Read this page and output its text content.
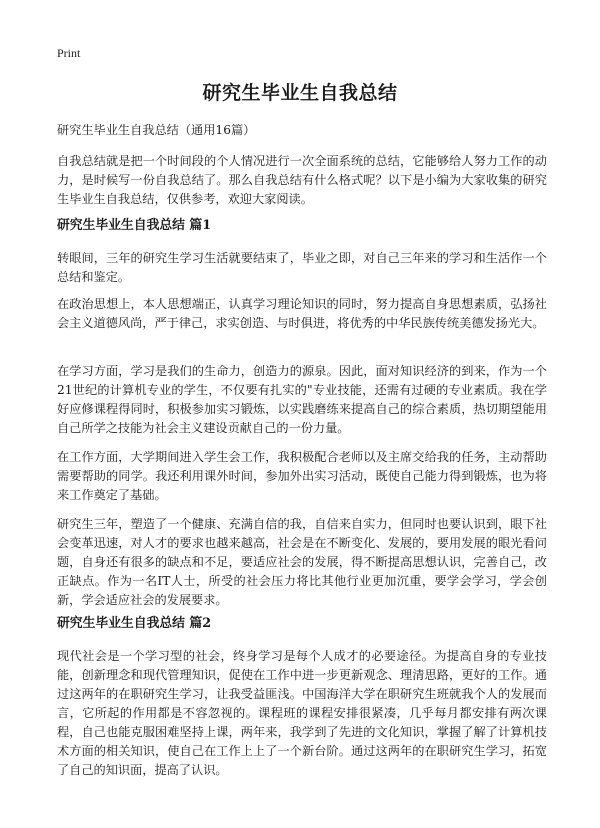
Print
研究生毕业生自我总结
研究生毕业生自我总结（通用16篇）

自我总结就是把一个时间段的个人情况进行一次全面系统的总结，它能够给人努力工作的动力，是时候写一份自我总结了。那么自我总结有什么格式呢？以下是小编为大家收集的研究生毕业生自我总结，仅供参考，欢迎大家阅读。

研究生毕业生自我总结 篇1

转眼间，三年的研究生学习生活就要结束了，毕业之即，对自己三年来的学习和生活作一个总结和鉴定。

在政治思想上，本人思想端正，认真学习理论知识的同时，努力提高自身思想素质，弘扬社会主义道德风尚，严于律己，求实创造、与时俱进，将优秀的中华民族传统美德发扬光大。

在学习方面，学习是我们的生命力，创造力的源泉。因此，面对知识经济的到来，作为一个21世纪的计算机专业的学生，不仅要有扎实的"专业技能，还需有过硬的专业素质。我在学好应修课程得同时，积极参加实习锻炼，以实践磨练来提高自己的综合素质，热切期望能用自己所学之技能为社会主义建设贡献自己的一份力量。

在工作方面，大学期间进入学生会工作，我积极配合老师以及主席交给我的任务，主动帮助需要帮助的同学。我还利用课外时间，参加外出实习活动，既使自己能力得到锻炼，也为将来工作奠定了基础。

研究生三年，塑造了一个健康、充满自信的我，自信来自实力，但同时也要认识到，眼下社会变革迅速，对人才的要求也越来越高，社会是在不断变化、发展的，要用发展的眼光看问题，自身还有很多的缺点和不足，要适应社会的发展，得不断提高思想认识，完善自己，改正缺点。作为一名IT人士，所受的社会压力将比其他行业更加沉重，要学会学习，学会创新，学会适应社会的发展要求。

研究生毕业生自我总结 篇2

现代社会是一个学习型的社会，终身学习是每个人成才的必要途径。为提高自身的专业技能，创新理念和现代管理知识，促使在工作中进一步更新观念、理清思路，更好的工作。通过这两年的在职研究生学习，让我受益匪浅。中国海洋大学在职研究生班就我个人的发展而言，它所起的作用都是不容忽视的。课程班的课程安排很紧凑，几乎每月都安排有两次课程，自己也能克服困难坚持上课，两年来，我学到了先进的文化知识，掌握了解了计算机技术方面的相关知识，使自己在工作上上了一个新台阶。通过这两年的在职研究生学习，拓宽了自己的知识面，提高了认识。
